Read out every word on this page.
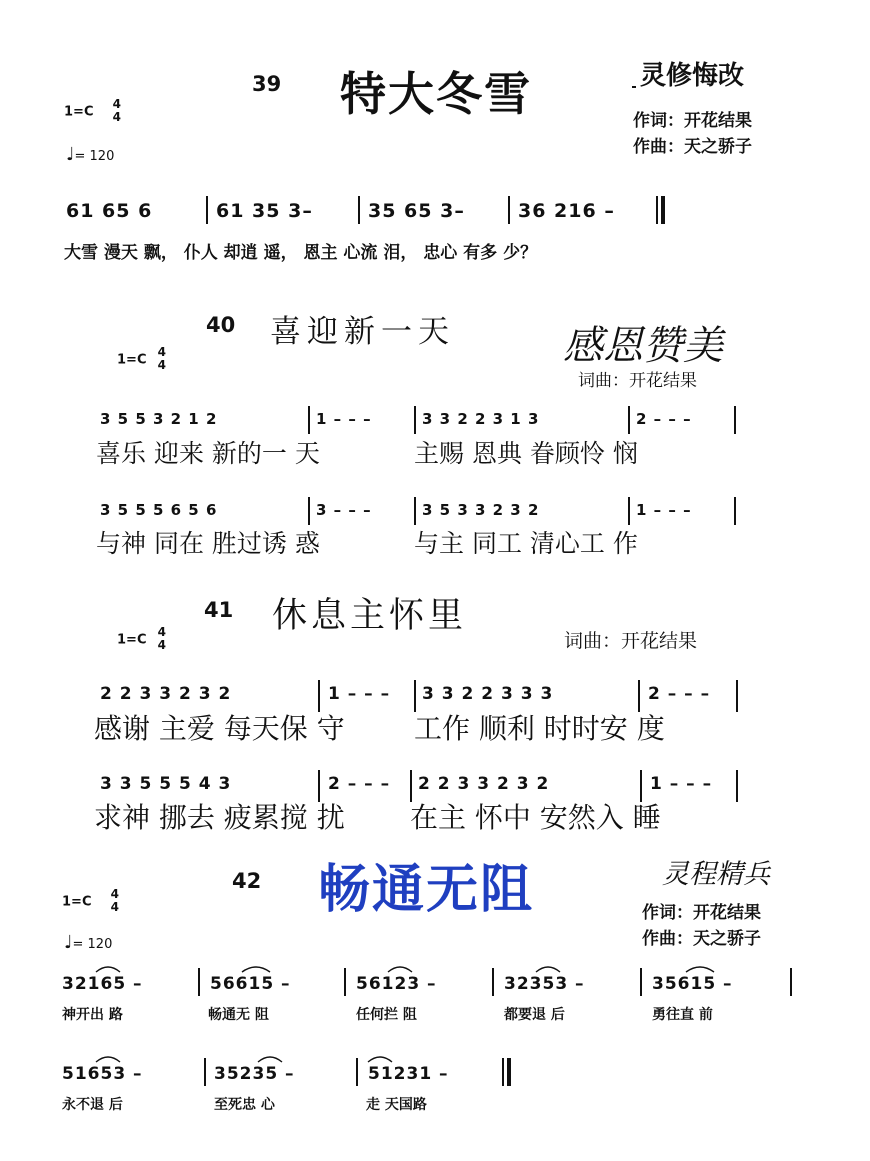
39 特大冬雪	灵修悔改
作词：开花结果
作曲：天之骄子
1=C 4
4
♩= 120
61 65 6	61 35 3–	35 65 3–	36 216 –
大雪 漫天 飘， 仆人 却逍 遥， 恩主 心流 泪， 忠心 有多 少？
40 喜迎新一天	感恩赞美
词曲：开花结果
1=C 4
4
3 5 5 3 2 1 2	1 – – –	3 3 2 2 3 1 3	2 – – –
喜乐 迎来 新的一 天	主赐 恩典 眷顾怜 悯
3 5 5 5 6 5 6	3 – – –	3 5 3 3 2 3 2	1 – – –
与神 同在 胜过诱 惑	与主 同工 清心工 作
41 休息主怀里
词曲：开花结果
1=C 4
4
2 2 3 3 2 3 2	1 – – – 3 3 2 2 3 3 3	2 – – –
感谢 主爱 每天保 守 工作 顺利 时时安 度
3 3 5 5 5 4 3	2 – – – 2 2 3 3 2 3 2	1 – – –
求神 挪去 疲累搅 扰 在主 怀中 安然入 睡
42 畅通无阻	灵程精兵
作词：开花结果
作曲：天之骄子
1=C 4
4
♩= 120
32165 –	56615 –	56123 –	32353 –	35615 –
神开出 路	畅通无 阻	任何拦 阻	都要退 后	勇往直 前
51653 –	35235 –	51231 –
永不退 后	至死忠 心	走 天国路
